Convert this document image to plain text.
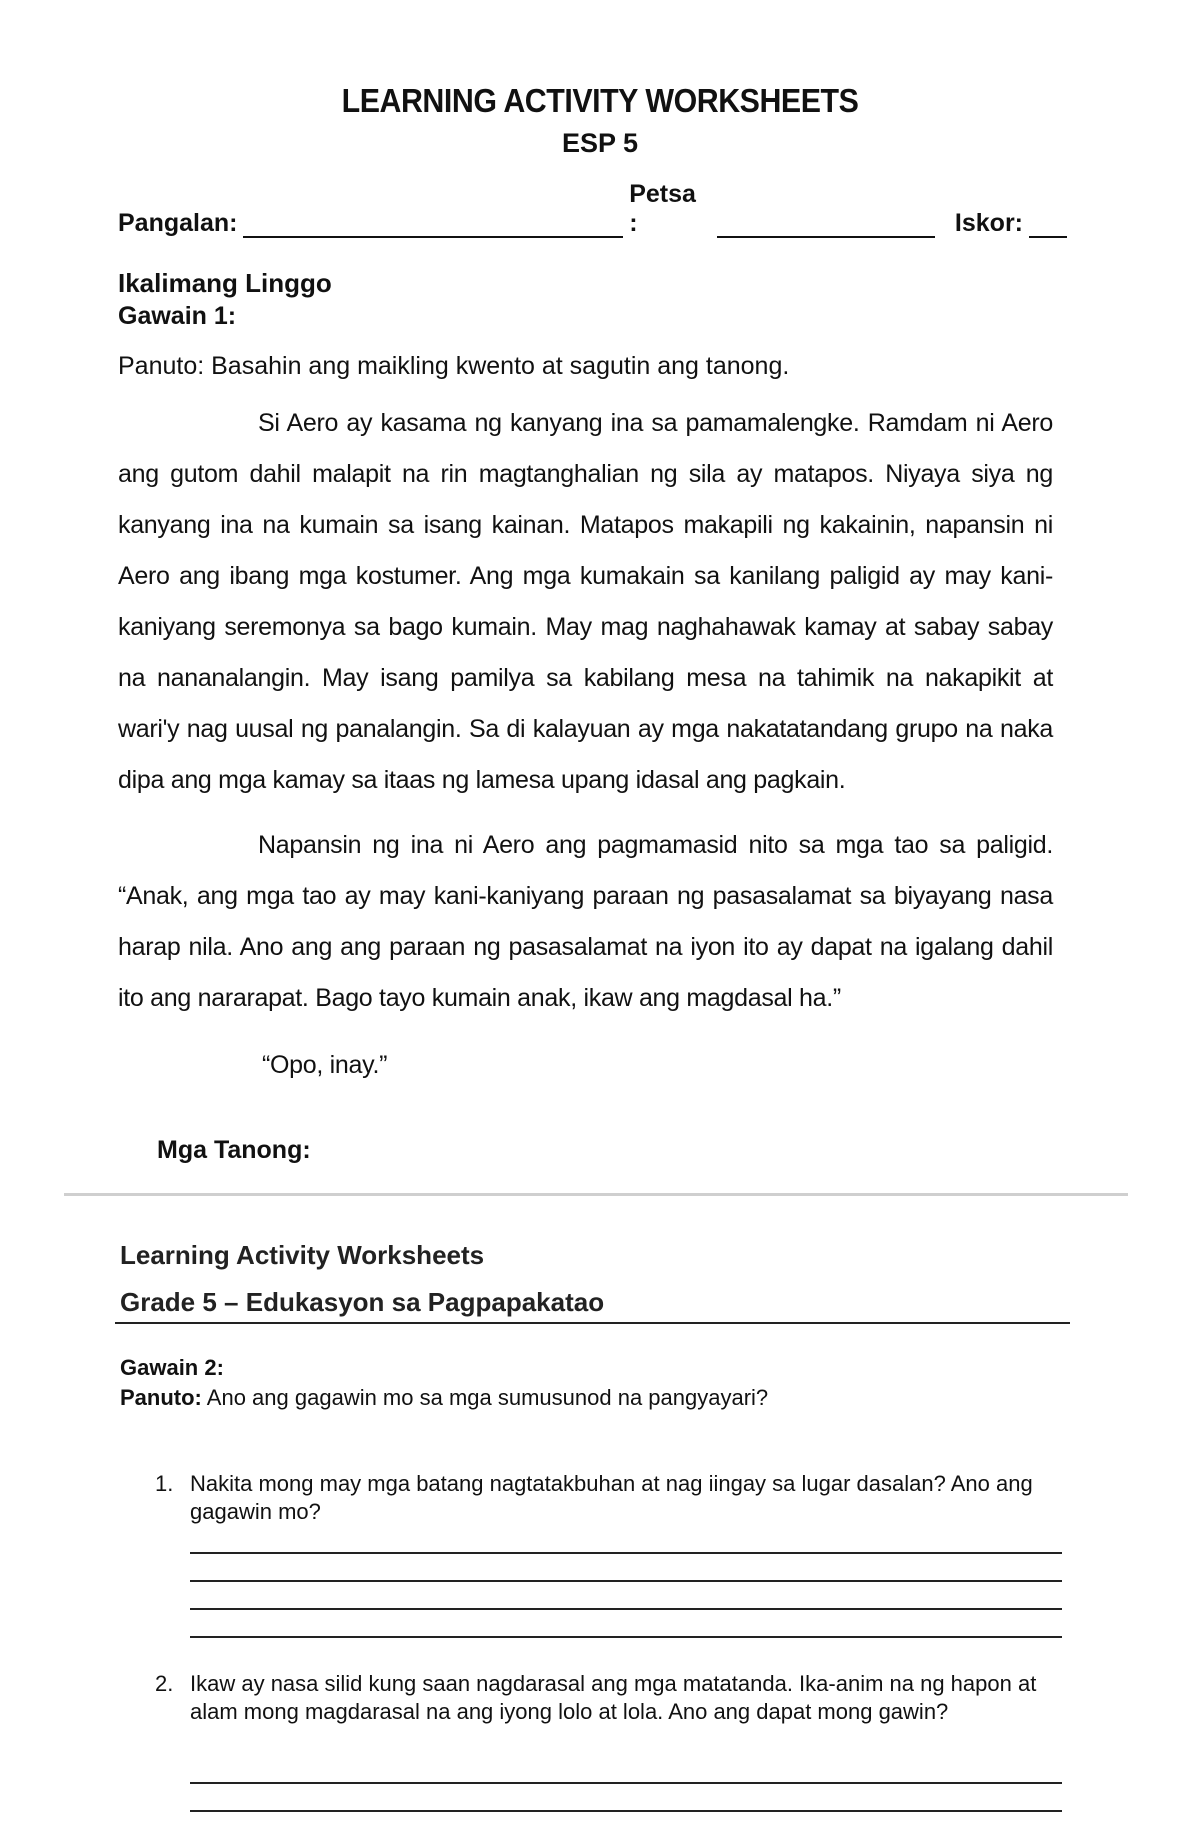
LEARNING ACTIVITY WORKSHEETS
ESP 5
Pangalan:
Petsa :	Iskor:
Ikalimang Linggo
Gawain 1:
Panuto: Basahin ang maikling kwento at sagutin ang tanong.
Si Aero ay kasama ng kanyang ina sa pamamalengke. Ramdam ni Aero ang gutom dahil malapit na rin magtanghalian ng sila ay matapos. Niyaya siya ng kanyang ina na kumain sa isang kainan. Matapos makapili ng kakainin, napansin ni Aero ang ibang mga kostumer. Ang mga kumakain sa kanilang paligid ay may kani-kaniyang seremonya sa bago kumain. May mag naghahawak kamay at sabay sabay na nananalangin. May isang pamilya sa kabilang mesa na tahimik na nakapikit at wari'y nag uusal ng panalangin. Sa di kalayuan ay mga nakatatandang grupo na naka dipa ang mga kamay sa itaas ng lamesa upang idasal ang pagkain.
Napansin ng ina ni Aero ang pagmamasid nito sa mga tao sa paligid. “Anak, ang mga tao ay may kani-kaniyang paraan ng pasasalamat sa biyayang nasa harap nila. Ano ang ang paraan ng pasasalamat na iyon ito ay dapat na igalang dahil ito ang nararapat. Bago tayo kumain anak, ikaw ang magdasal ha.”
“Opo, inay.”
Mga Tanong:
Learning Activity Worksheets
Grade 5 – Edukasyon sa Pagpapakatao
Gawain 2:
Panuto: Ano ang gagawin mo sa mga sumusunod na pangyayari?
1. Nakita mong may mga batang nagtatakbuhan at nag iingay sa lugar dasalan? Ano ang gagawin mo?
2. Ikaw ay nasa silid kung saan nagdarasal ang mga matatanda. Ika-anim na ng hapon at alam mong magdarasal na ang iyong lolo at lola. Ano ang dapat mong gawin?
